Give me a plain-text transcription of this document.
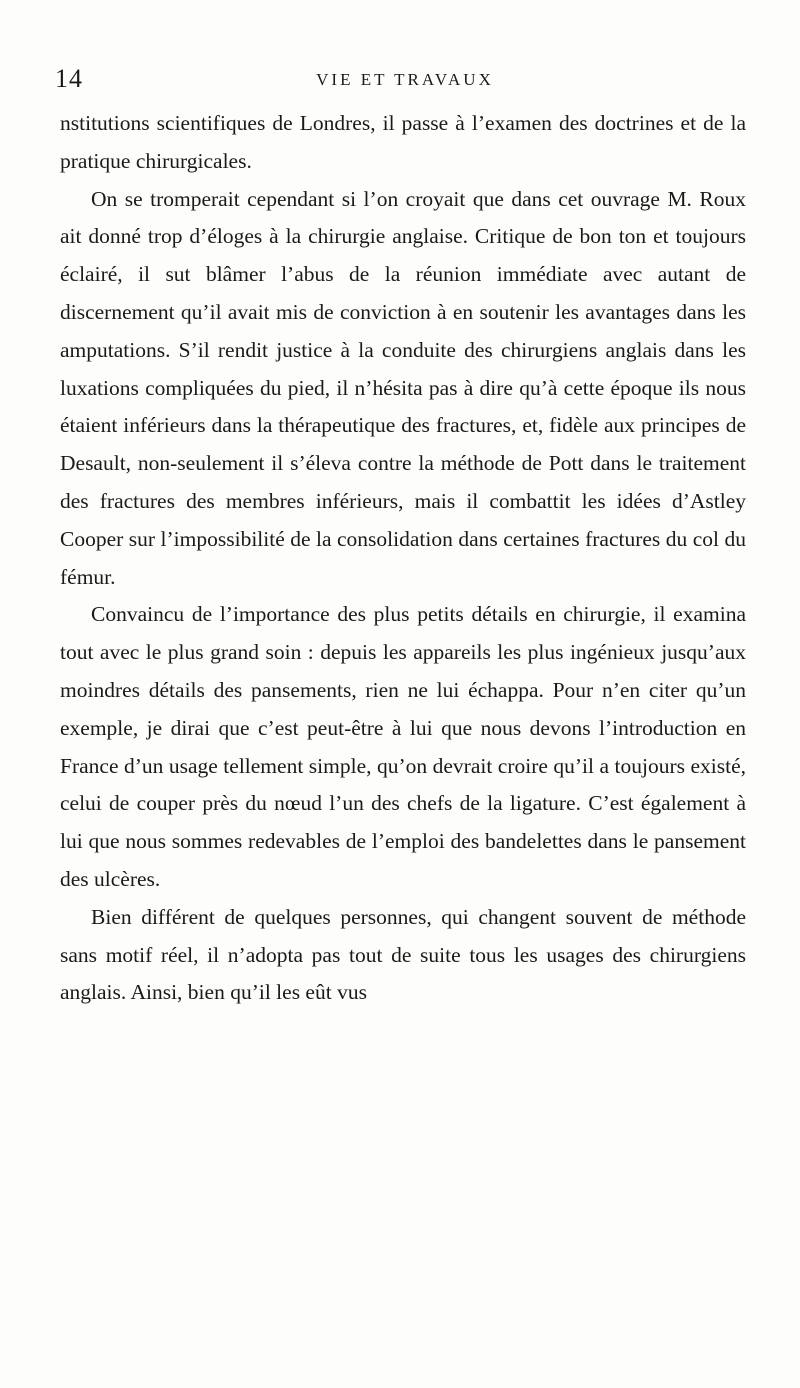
14	VIE ET TRAVAUX

nstitutions scientifiques de Londres, il passe à l’examen des doctrines et de la pratique chirurgicales.

On se tromperait cependant si l’on croyait que dans cet ouvrage M. Roux ait donné trop d’éloges à la chirurgie anglaise. Critique de bon ton et toujours éclairé, il sut blâmer l’abus de la réunion immédiate avec autant de discernement qu’il avait mis de conviction à en soutenir les avantages dans les amputations. S’il rendit justice à la conduite des chirurgiens anglais dans les luxations compliquées du pied, il n’hésita pas à dire qu’à cette époque ils nous étaient inférieurs dans la thérapeutique des fractures, et, fidèle aux principes de Desault, non-seulement il s’éleva contre la méthode de Pott dans le traitement des fractures des membres inférieurs, mais il combattit les idées d’Astley Cooper sur l’impossibilité de la consolidation dans certaines fractures du col du fémur.

Convaincu de l’importance des plus petits détails en chirurgie, il examina tout avec le plus grand soin : depuis les appareils les plus ingénieux jusqu’aux moindres détails des pansements, rien ne lui échappa. Pour n’en citer qu’un exemple, je dirai que c’est peut-être à lui que nous devons l’introduction en France d’un usage tellement simple, qu’on devrait croire qu’il a toujours existé, celui de couper près du nœud l’un des chefs de la ligature. C’est également à lui que nous sommes redevables de l’emploi des bandelettes dans le pansement des ulcères.

Bien différent de quelques personnes, qui changent souvent de méthode sans motif réel, il n’adopta pas tout de suite tous les usages des chirurgiens anglais. Ainsi, bien qu’il les eût vus
